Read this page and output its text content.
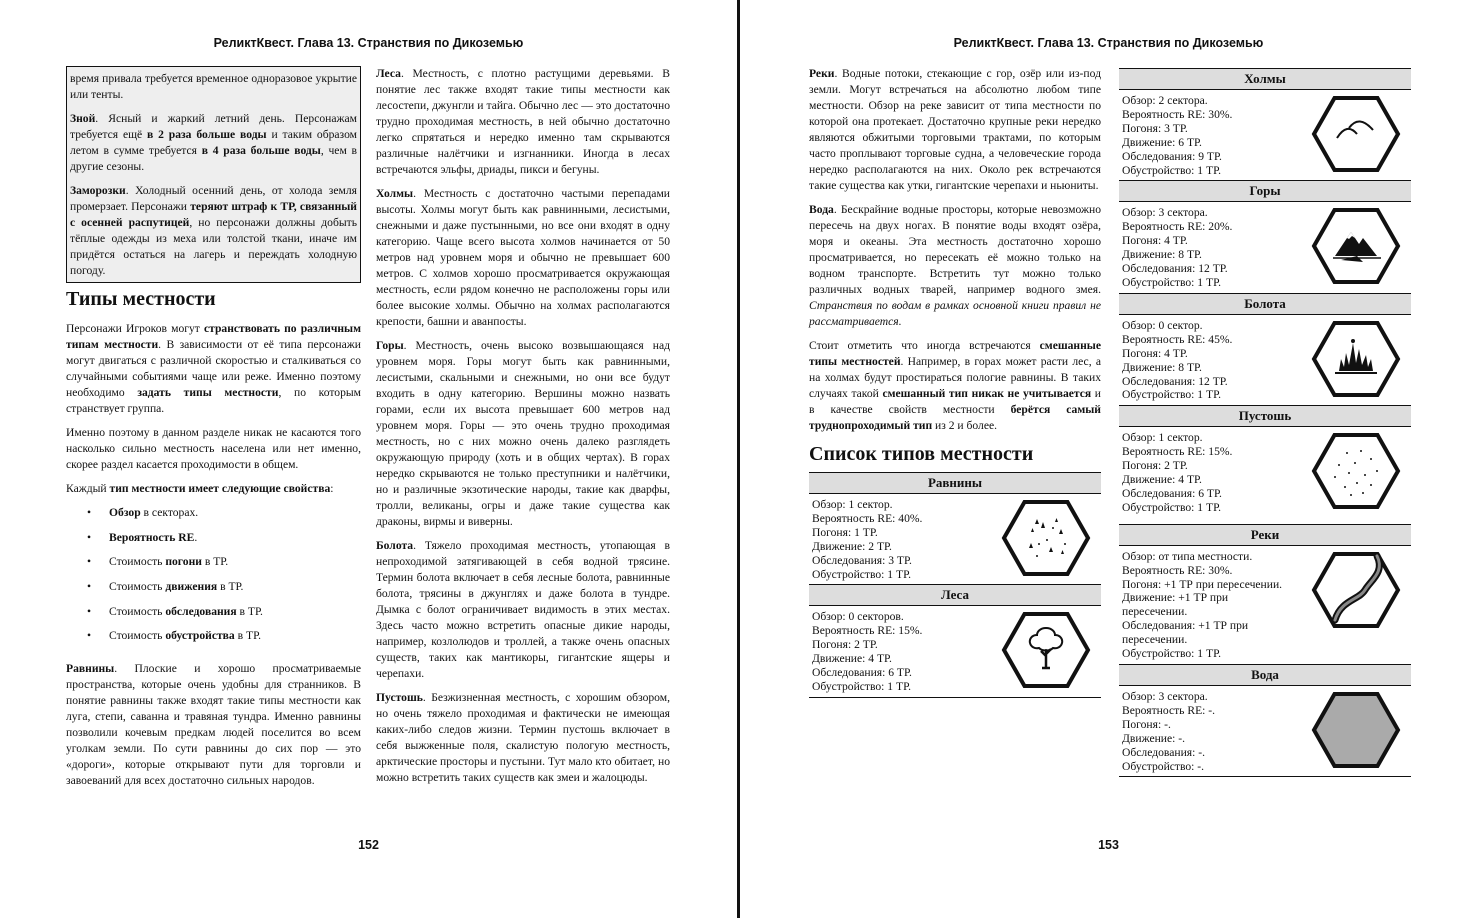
РеликтКвест. Глава 13. Странствия по Дикоземью

время привала требуется временное одноразовое укрытие или тенты.

Зной. Ясный и жаркий летний день. Персонажам требуется ещё в 2 раза больше воды и таким образом летом в сумме требуется в 4 раза больше воды, чем в другие сезоны.

Заморозки. Холодный осенний день, от холода земля промерзает. Персонажи теряют штраф к ТР, связанный с осенней распутицей, но персонажи должны добыть тёплые одежды из меха или толстой ткани, иначе им придётся остаться на лагерь и переждать холодную погоду.

Типы местности

Персонажи Игроков могут странствовать по различным типам местности. В зависимости от её типа персонажи могут двигаться с различной скоростью и сталкиваться со случайными событиями чаще или реже. Именно поэтому необходимо задать типы местности, по которым странствует группа.

Именно поэтому в данном разделе никак не касаются того насколько сильно местность населена или нет именно, скорее раздел касается проходимости в общем.

Каждый тип местности имеет следующие свойства:

• Обзор в секторах.
• Вероятность RE.
• Стоимость погони в ТР.
• Стоимость движения в ТР.
• Стоимость обследования в ТР.
• Стоимость обустройства в ТР.

Равнины. Плоские и хорошо просматриваемые пространства, которые очень удобны для странников. В понятие равнины также входят такие типы местности как луга, степи, саванна и травяная тундра. Именно равнины позволили кочевым предкам людей поселится во всем уголкам земли. По сути равнины до сих пор — это «дороги», которые открывают пути для торговли и завоеваний для всех достаточно сильных народов.

Леса. Местность, с плотно растущими деревьями. В понятие лес также входят такие типы местности как лесостепи, джунгли и тайга. Обычно лес — это достаточно трудно проходимая местность, в ней обычно достаточно легко спрятаться и нередко именно там скрываются различные налётчики и изгнанники. Иногда в лесах встречаются эльфы, дриады, пикси и бегуны.

Холмы. Местность с достаточно частыми перепадами высоты. Холмы могут быть как равнинными, лесистыми, снежными и даже пустынными, но все они входят в одну категорию. Чаще всего высота холмов начинается от 50 метров над уровнем моря и обычно не превышает 600 метров. С холмов хорошо просматривается окружающая местность, если рядом конечно не расположены горы или более высокие холмы. Обычно на холмах располагаются крепости, башни и аванпосты.

Горы. Местность, очень высоко возвышающаяся над уровнем моря. Горы могут быть как равнинными, лесистыми, скальными и снежными, но они все будут входить в одну категорию. Вершины можно назвать горами, если их высота превышает 600 метров над уровнем моря. Горы — это очень трудно проходимая местность, но с них можно очень далеко разглядеть окружающую природу (хоть и в общих чертах). В горах нередко скрываются не только преступники и налётчики, но и различные экзотические народы, такие как дварфы, тролли, великаны, огры и даже такие существа как драконы, вирмы и виверны.

Болота. Тяжело проходимая местность, утопающая в непроходимой затягивающей в себя водной трясине. Термин болота включает в себя лесные болота, равнинные болота, трясины в джунглях и даже болота в тундре. Дымка с болот ограничивает видимость в этих местах. Здесь часто можно встретить опасные дикие народы, например, козлолюдов и троллей, а также очень опасных существ, таких как мантикоры, гигантские ящеры и черепахи.

Пустошь. Безжизненная местность, с хорошим обзором, но очень тяжело проходимая и фактически не имеющая каких-либо следов жизни. Термин пустошь включает в себя выжженные поля, скалистую пологую местность, арктические просторы и пустыни. Тут мало кто обитает, но можно встретить таких существ как змеи и жалоцюды.

152
РеликтКвест. Глава 13. Странствия по Дикоземью

Реки. Водные потоки, стекающие с гор, озёр или из-под земли. Могут встречаться на абсолютно любом типе местности. Обзор на реке зависит от типа местности по которой она протекает. Достаточно крупные реки нередко являются обжитыми торговыми трактами, по которым часто проплывают торговые судна, а человеческие города нередко располагаются на них. Около рек встречаются такие существа как утки, гигантские черепахи и ньюниты.

Вода. Бескрайние водные просторы, которые невозможно пересечь на двух ногах. В понятие воды входят озёра, моря и океаны. Эта местность достаточно хорошо просматривается, но пересекать её можно только на водном транспорте. Встретить тут можно только различных водных тварей, например водного змея. Странствия по водам в рамках основной книги правил не рассматривается.

Стоит отметить что иногда встречаются смешанные типы местностей. Например, в горах может расти лес, а на холмах будут простираться пологие равнины. В таких случаях такой смешанный тип никак не учитывается и в качестве свойств местности берётся самый труднопроходимый тип из 2 и более.

Список типов местности
Равнины
Обзор: 1 сектор.
Вероятность RE: 40%.
Погоня: 1 ТР.
Движение: 2 ТР.
Обследования: 3 ТР.
Обустройство: 1 ТР.
Леса
Обзор: 0 секторов.
Вероятность RE: 15%.
Погоня: 2 ТР.
Движение: 4 ТР.
Обследования: 6 ТР.
Обустройство: 1 ТР.
Холмы
Обзор: 2 сектора.
Вероятность RE: 30%.
Погоня: 3 ТР.
Движение: 6 ТР.
Обследования: 9 ТР.
Обустройство: 1 ТР.
Горы
Обзор: 3 сектора.
Вероятность RE: 20%.
Погоня: 4 ТР.
Движение: 8 ТР.
Обследования: 12 ТР.
Обустройство: 1 ТР.
Болота
Обзор: 0 сектор.
Вероятность RE: 45%.
Погоня: 4 ТР.
Движение: 8 ТР.
Обследования: 12 ТР.
Обустройство: 1 ТР.
Пустошь
Обзор: 1 сектор.
Вероятность RE: 15%.
Погоня: 2 ТР.
Движение: 4 ТР.
Обследования: 6 ТР.
Обустройство: 1 ТР.
Реки
Обзор: от типа местности.
Вероятность RE: 30%.
Погоня: +1 ТР при пересечении.
Движение: +1 ТР при пересечении.
Обследования: +1 ТР при пересечении.
Обустройство: 1 ТР.
Вода
Обзор: 3 сектора.
Вероятность RE: -.
Погоня: -.
Движение: -.
Обследования: -.
Обустройство: -.
153
